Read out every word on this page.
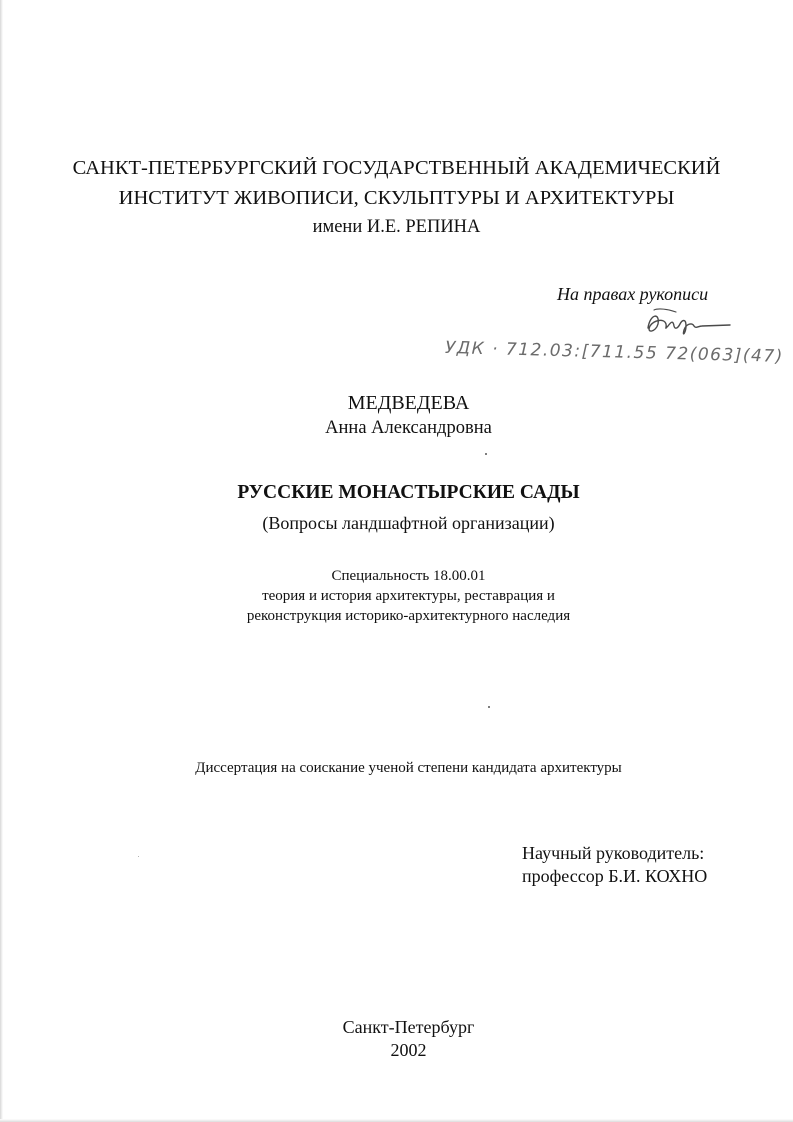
САНКТ-ПЕТЕРБУРГСКИЙ ГОСУДАРСТВЕННЫЙ АКАДЕМИЧЕСКИЙ
ИНСТИТУТ ЖИВОПИСИ, СКУЛЬПТУРЫ И АРХИТЕКТУРЫ
имени И.Е. РЕПИНА
На правах рукописи
УДК · 712.03:[711.55 72(063](47)
МЕДВЕДЕВА
Анна Александровна
РУССКИЕ МОНАСТЫРСКИЕ САДЫ
(Вопросы ландшафтной организации)
Специальность 18.00.01
теория и история архитектуры, реставрация и
реконструкция историко-архитектурного наследия
Диссертация на соискание ученой степени кандидата архитектуры
Научный руководитель:
профессор Б.И. КОХНО
Санкт-Петербург
2002
